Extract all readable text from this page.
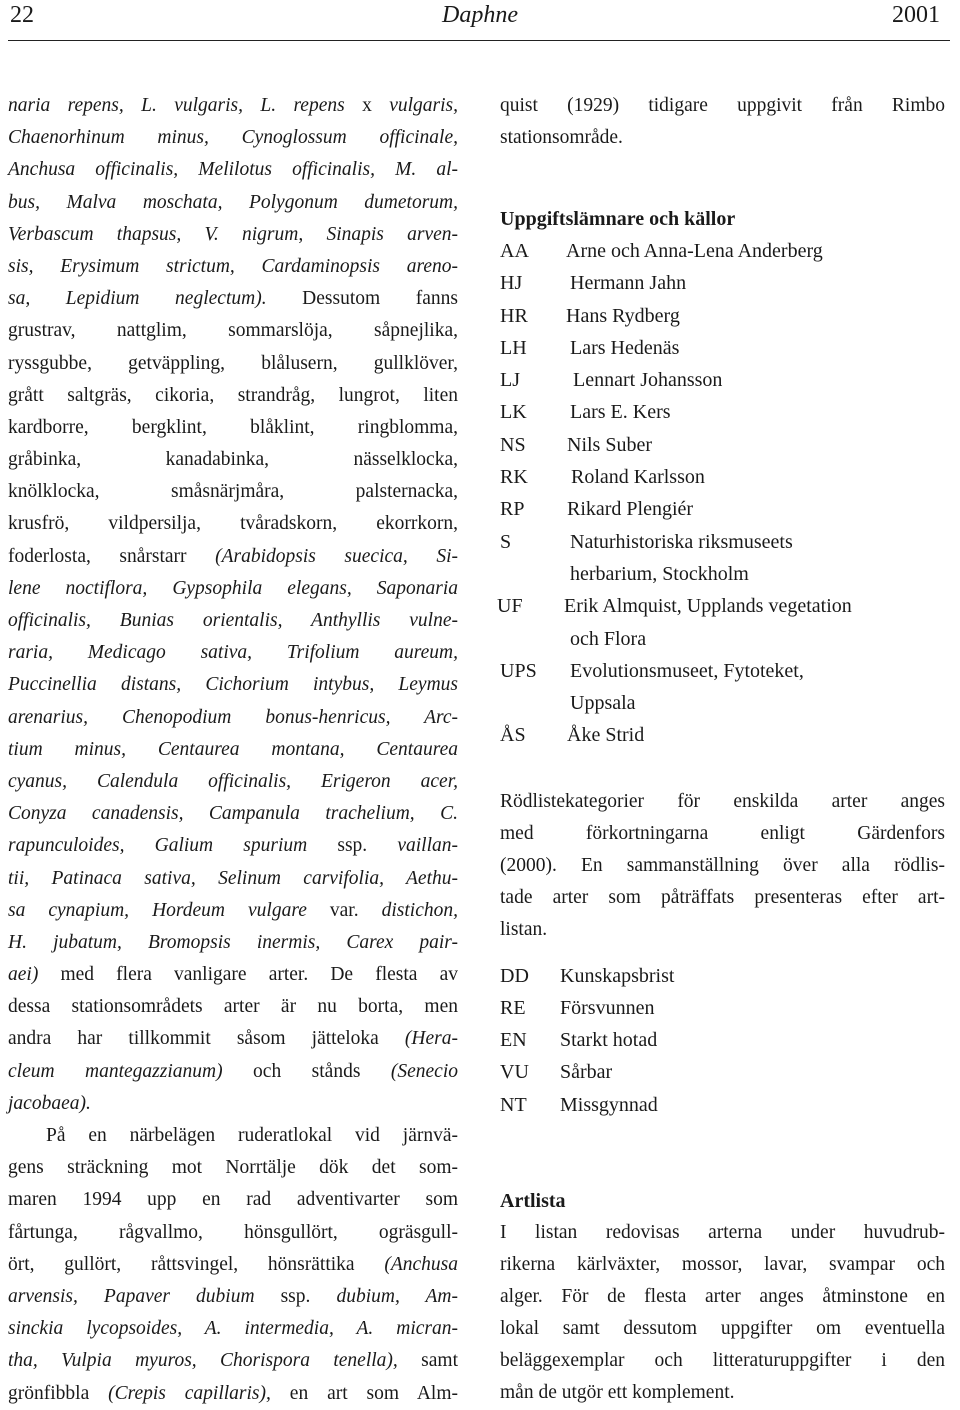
22	Daphne	2001
naria repens, L. vulgaris, L. repens x vulgaris,
Chaenorhinum minus, Cynoglossum officinale,
Anchusa officinalis, Melilotus officinalis, M. al-
bus, Malva moschata, Polygonum dumetorum,
Verbascum thapsus, V. nigrum, Sinapis arven-
sis, Erysimum strictum, Cardaminopsis areno-
sa, Lepidium neglectum). Dessutom fanns
grustrav, nattglim, sommarslöja, såpnejlika,
ryssgubbe, getväppling, blålusern, gullklöver,
grått saltgräs, cikoria, strandråg, lungrot, liten
kardborre, bergklint, blåklint, ringblomma,
gråbinka, kanadabinka, nässelklocka,
knölklocka, småsnärjmåra, palsternacka,
krusfrö, vildpersilja, tvåradskorn, ekorrkorn,
foderlosta, snårstarr (Arabidopsis suecica, Si-
lene noctiflora, Gypsophila elegans, Saponaria
officinalis, Bunias orientalis, Anthyllis vulne-
raria, Medicago sativa, Trifolium aureum,
Puccinellia distans, Cichorium intybus, Leymus
arenarius, Chenopodium bonus-henricus, Arc-
tium minus, Centaurea montana, Centaurea
cyanus, Calendula officinalis, Erigeron acer,
Conyza canadensis, Campanula trachelium, C.
rapunculoides, Galium spurium ssp. vaillan-
tii, Patinaca sativa, Selinum carvifolia, Aethu-
sa cynapium, Hordeum vulgare var. distichon,
H. jubatum, Bromopsis inermis, Carex pair-
aei) med flera vanligare arter. De flesta av
dessa stationsområdets arter är nu borta, men
andra har tillkommit såsom jätteloka (Hera-
cleum mantegazzianum) och stånds (Senecio
jacobaea).
På en närbelägen ruderatlokal vid järnvä-
gens sträckning mot Norrtälje dök det som-
maren 1994 upp en rad adventivarter som
fårtunga, rågvallmo, hönsgullört, ogräsgull-
ört, gullört, råttsvingel, hönsrättika (Anchusa
arvensis, Papaver dubium ssp. dubium, Am-
sinckia lycopsoides, A. intermedia, A. micran-
tha, Vulpia myuros, Chorispora tenella), samt
grönfibbla (Crepis capillaris), en art som Alm-
quist (1929) tidigare uppgivit från Rimbo
stationsområde.
Uppgiftslämnare och källor
AA	Arne och Anna-Lena Anderberg
HJ	Hermann Jahn
HR	Hans Rydberg
LH	Lars Hedenäs
LJ	Lennart Johansson
LK	Lars E. Kers
NS	Nils Suber
RK	Roland Karlsson
RP	Rikard Plengiér
S	Naturhistoriska riksmuseets
herbarium, Stockholm
UF	Erik Almquist, Upplands vegetation
och Flora
UPS	Evolutionsmuseet, Fytoteket,
Uppsala
ÅS	Åke Strid
Rödlistekategorier för enskilda arter anges
med förkortningarna enligt Gärdenfors
(2000). En sammanställning över alla rödlis-
tade arter som påträffats presenteras efter art-
listan.
DD Kunskapsbrist
RE Försvunnen
EN Starkt hotad
VU Sårbar
NT Missgynnad
Artlista
I listan redovisas arterna under huvudrub-
rikerna kärlväxter, mossor, lavar, svampar och
alger. För de flesta arter anges åtminstone en
lokal samt dessutom uppgifter om eventuella
beläggexemplar och litteraturuppgifter i den
mån de utgör ett komplement.
